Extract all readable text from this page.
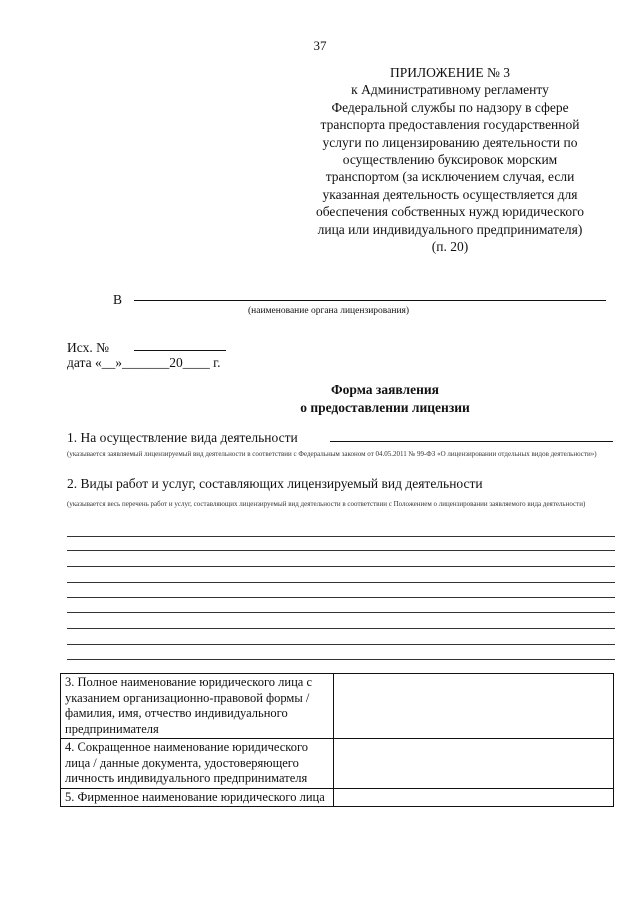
37
ПРИЛОЖЕНИЕ № 3
к Административному регламенту
Федеральной службы по надзору в сфере
транспорта предоставления государственной
услуги по лицензированию деятельности по
осуществлению буксировок морским
транспортом (за исключением случая, если
указанная деятельность осуществляется для
обеспечения собственных нужд юридического
лица или индивидуального предпринимателя)
(п. 20)
В
(наименование органа лицензирования)
Исх. №
дата «__»_______20____ г.
Форма заявления
о предоставлении лицензии
1. На осуществление вида деятельности
(указывается заявляемый лицензируемый вид деятельности в соответствии с Федеральным законом от 04.05.2011 № 99-ФЗ «О лицензировании отдельных видов деятельности»)
2. Виды работ и услуг, составляющих лицензируемый вид деятельности
(указывается весь перечень работ и услуг, составляющих лицензируемый вид деятельности в соответствии с Положением о лицензировании заявляемого вида деятельности)
3. Полное наименование юридического лица с указанием организационно-правовой формы / фамилия, имя, отчество индивидуального предпринимателя	
4. Сокращенное наименование юридического лица / данные документа, удостоверяющего личность индивидуального предпринимателя	
5. Фирменное наименование юридического лица	
